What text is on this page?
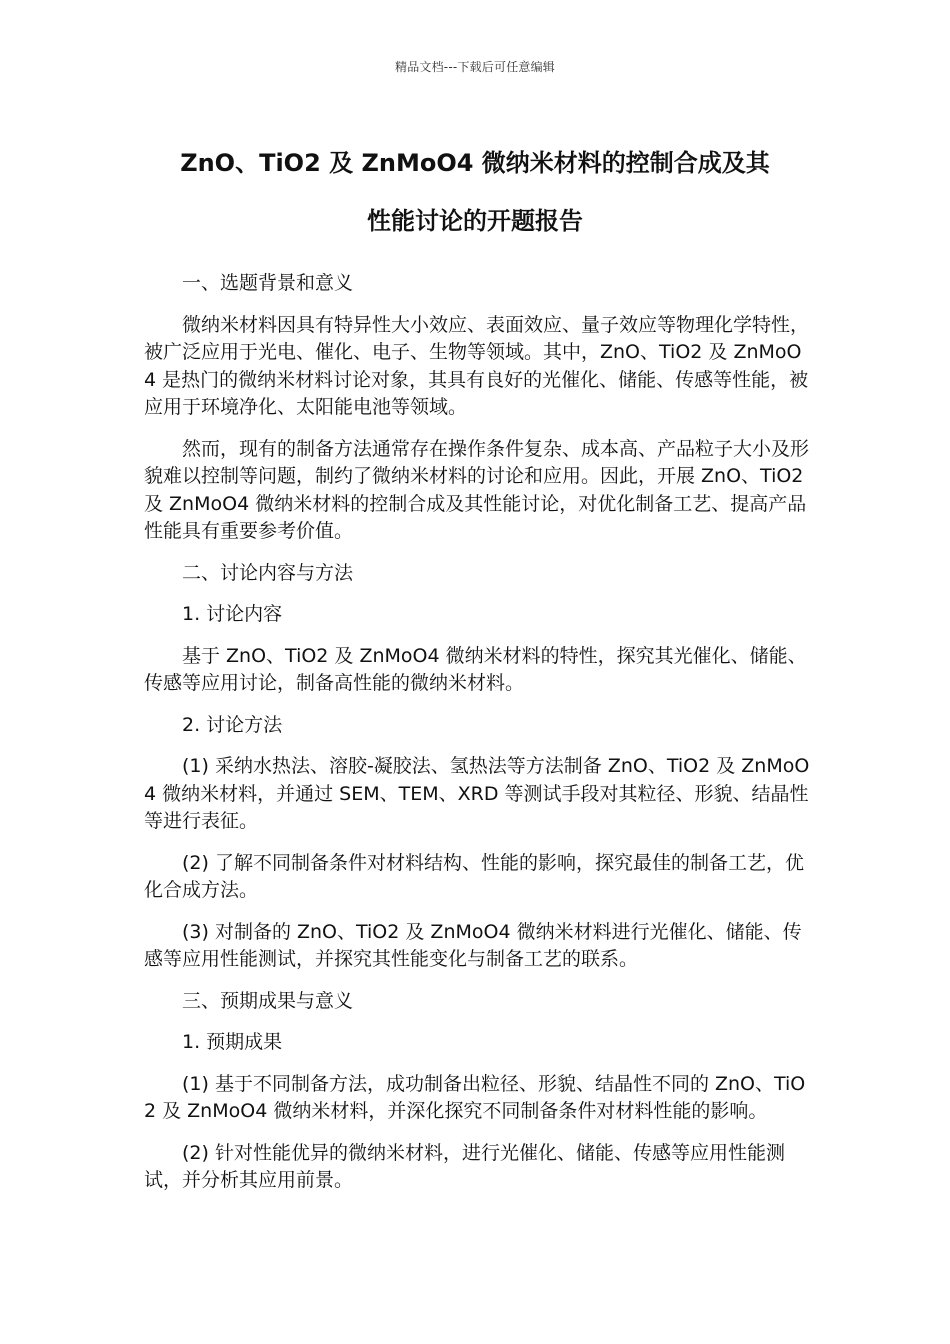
精品文档---下载后可任意编辑
ZnO、TiO2 及 ZnMoO4 微纳米材料的控制合成及其
性能讨论的开题报告

一、选题背景和意义

微纳米材料因具有特异性大小效应、表面效应、量子效应等物理化学特性，被广泛应用于光电、催化、电子、生物等领域。其中，ZnO、TiO2 及 ZnMoO4 是热门的微纳米材料讨论对象，其具有良好的光催化、储能、传感等性能，被应用于环境净化、太阳能电池等领域。

然而，现有的制备方法通常存在操作条件复杂、成本高、产品粒子大小及形貌难以控制等问题，制约了微纳米材料的讨论和应用。因此，开展 ZnO、TiO2 及 ZnMoO4 微纳米材料的控制合成及其性能讨论，对优化制备工艺、提高产品性能具有重要参考价值。

二、讨论内容与方法

1. 讨论内容

基于 ZnO、TiO2 及 ZnMoO4 微纳米材料的特性，探究其光催化、储能、传感等应用讨论，制备高性能的微纳米材料。

2. 讨论方法

(1) 采纳水热法、溶胶-凝胶法、氢热法等方法制备 ZnO、TiO2 及 ZnMoO4 微纳米材料，并通过 SEM、TEM、XRD 等测试手段对其粒径、形貌、结晶性等进行表征。

(2) 了解不同制备条件对材料结构、性能的影响，探究最佳的制备工艺，优化合成方法。

(3) 对制备的 ZnO、TiO2 及 ZnMoO4 微纳米材料进行光催化、储能、传感等应用性能测试，并探究其性能变化与制备工艺的联系。

三、预期成果与意义

1. 预期成果

(1) 基于不同制备方法，成功制备出粒径、形貌、结晶性不同的 ZnO、TiO2 及 ZnMoO4 微纳米材料，并深化探究不同制备条件对材料性能的影响。

(2) 针对性能优异的微纳米材料，进行光催化、储能、传感等应用性能测试，并分析其应用前景。
